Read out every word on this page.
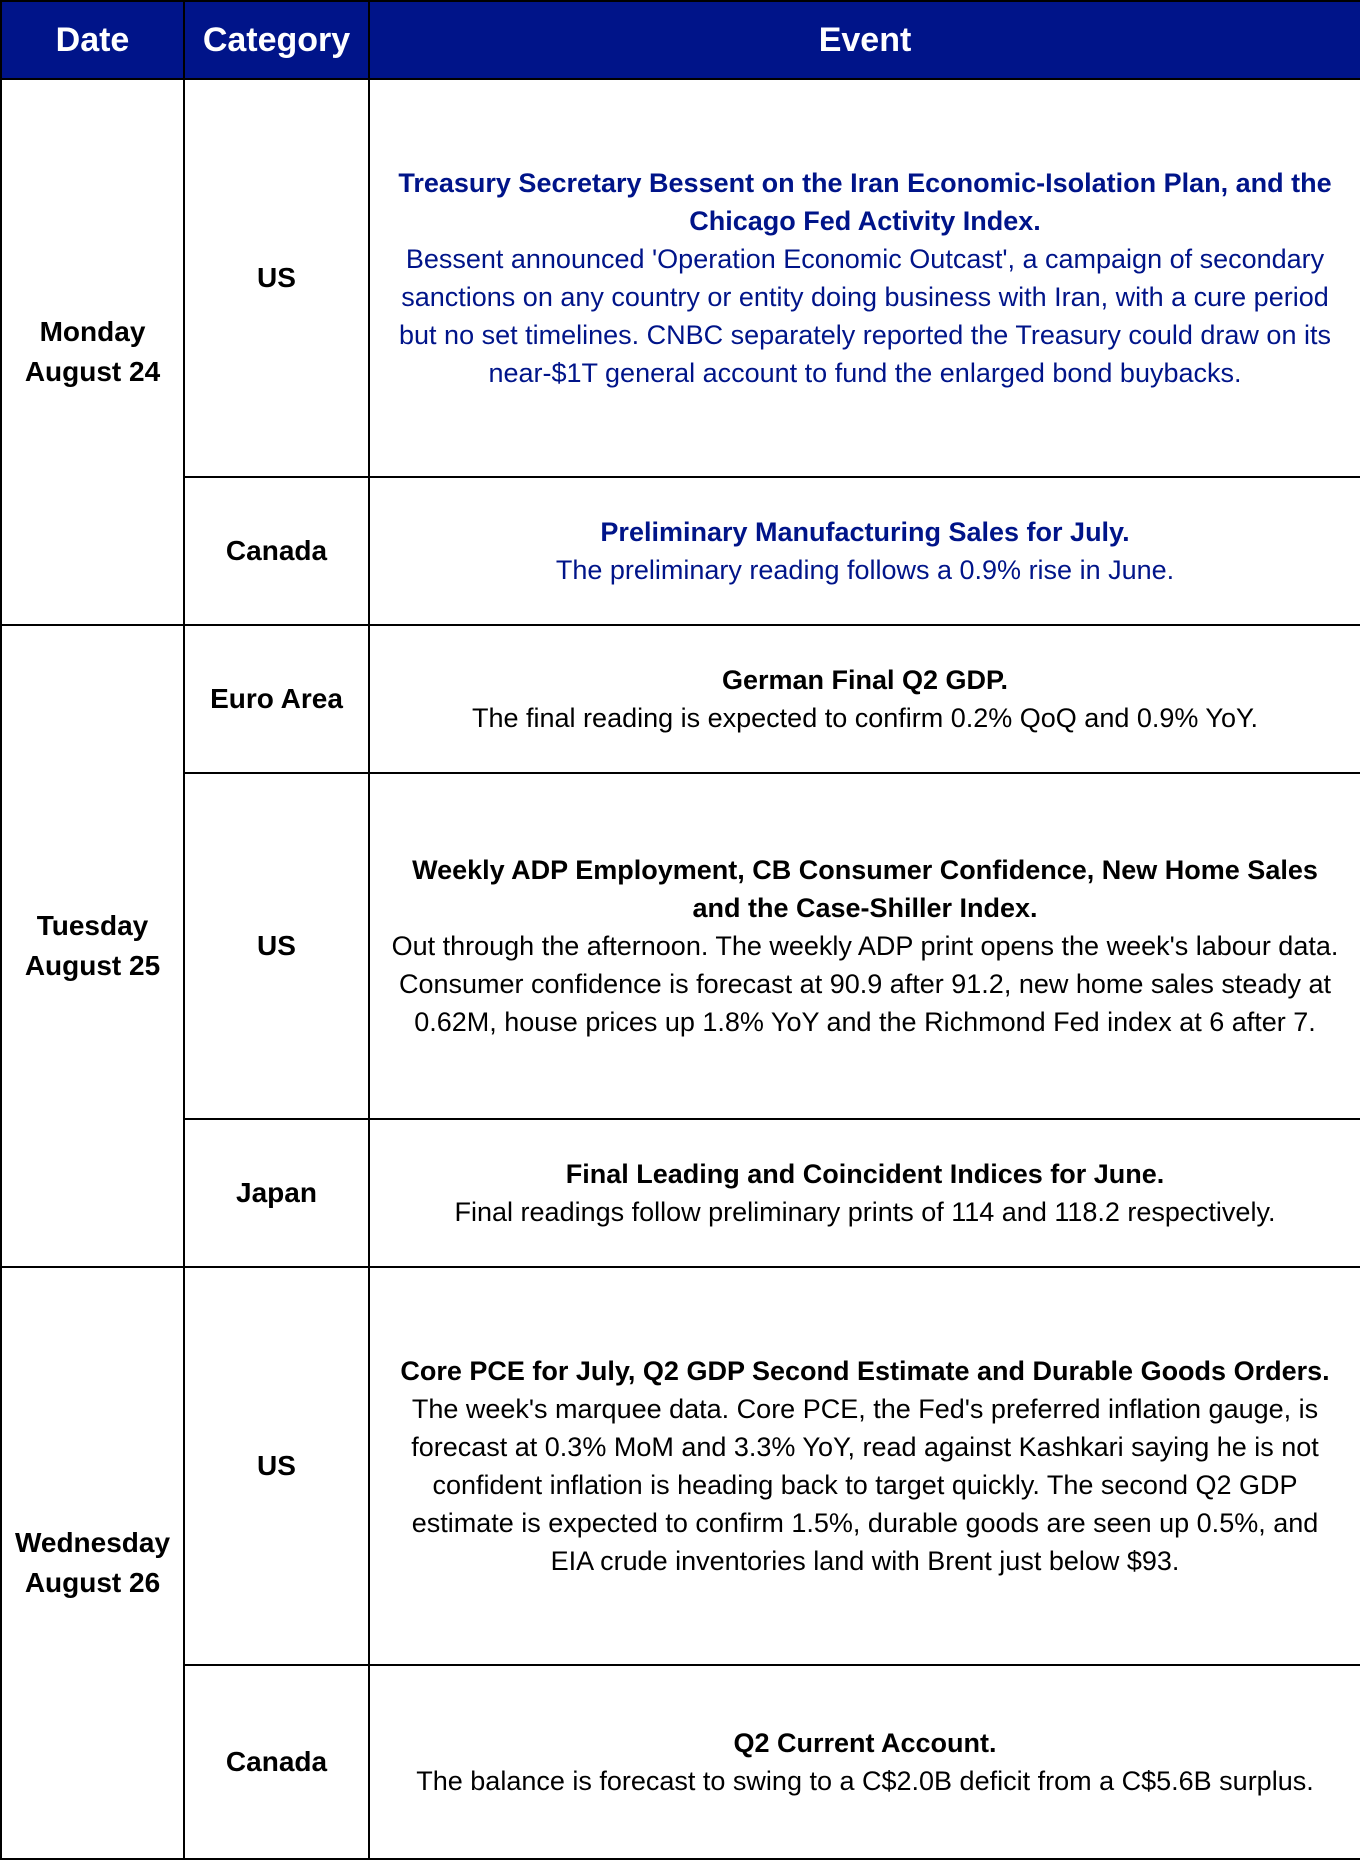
Date	Category	Event

Monday
August 24	US	Treasury Secretary Bessent on the Iran Economic-Isolation Plan, and the Chicago Fed Activity Index.
Bessent announced 'Operation Economic Outcast', a campaign of secondary sanctions on any country or entity doing business with Iran, with a cure period but no set timelines. CNBC separately reported the Treasury could draw on its near-$1T general account to fund the enlarged bond buybacks.

	Canada	Preliminary Manufacturing Sales for July.
The preliminary reading follows a 0.9% rise in June.

Tuesday
August 25	Euro Area	German Final Q2 GDP.
The final reading is expected to confirm 0.2% QoQ and 0.9% YoY.

	US	Weekly ADP Employment, CB Consumer Confidence, New Home Sales and the Case-Shiller Index.
Out through the afternoon. The weekly ADP print opens the week's labour data. Consumer confidence is forecast at 90.9 after 91.2, new home sales steady at 0.62M, house prices up 1.8% YoY and the Richmond Fed index at 6 after 7.

	Japan	Final Leading and Coincident Indices for June.
Final readings follow preliminary prints of 114 and 118.2 respectively.

Wednesday
August 26	US	Core PCE for July, Q2 GDP Second Estimate and Durable Goods Orders.
The week's marquee data. Core PCE, the Fed's preferred inflation gauge, is forecast at 0.3% MoM and 3.3% YoY, read against Kashkari saying he is not confident inflation is heading back to target quickly. The second Q2 GDP estimate is expected to confirm 1.5%, durable goods are seen up 0.5%, and EIA crude inventories land with Brent just below $93.

	Canada	Q2 Current Account.
The balance is forecast to swing to a C$2.0B deficit from a C$5.6B surplus.
